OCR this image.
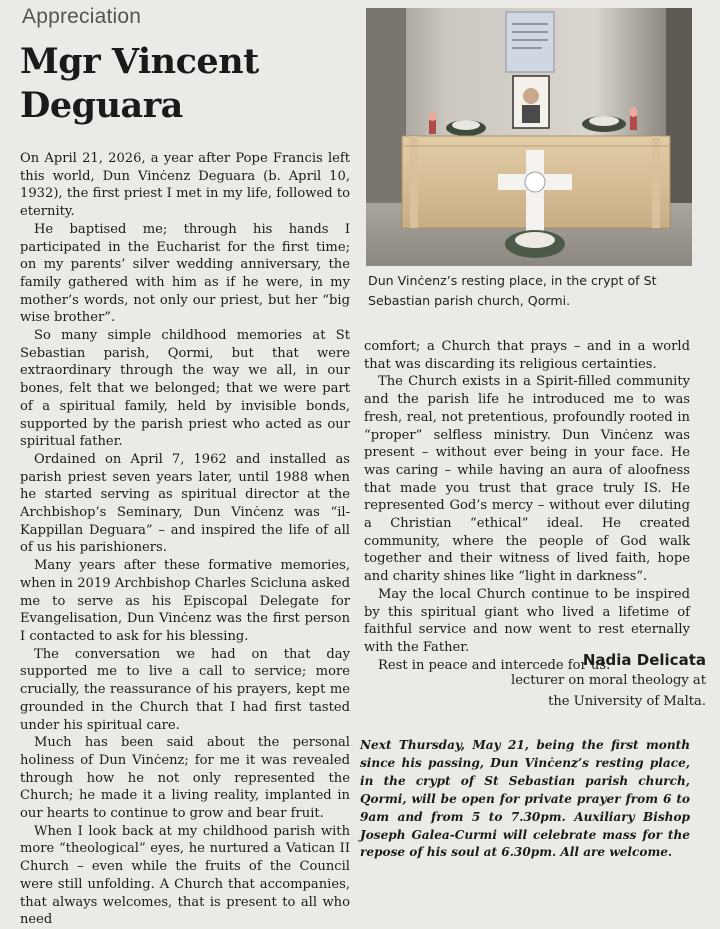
Appreciation
Mgr Vincent Deguara
Dun Vinċenz’s resting place, in the crypt of St Sebastian parish church, Qormi.

On April 21, 2026, a year after Pope Francis left this world, Dun Vinċenz Deguara (b. April 10, 1932), the first priest I met in my life, followed to eternity.

He baptised me; through his hands I participated in the Eucharist for the first time; on my parents’ silver wedding anniversary, the family gathered with him as if he were, in my mother’s words, not only our priest, but her “big wise brother”.

So many simple childhood memories at St Sebastian parish, Qormi, but that were extraordinary through the way we all, in our bones, felt that we belonged; that we were part of a spiritual family, held by invisible bonds, supported by the parish priest who acted as our spiritual father.

Ordained on April 7, 1962 and installed as parish priest seven years later, until 1988 when he started serving as spiritual director at the Archbishop’s Seminary, Dun Vinċenz was “il-Kappillan Deguara” – and inspired the life of all of us his parishioners.

Many years after these formative memories, when in 2019 Archbishop Charles Scicluna asked me to serve as his Episcopal Delegate for Evangelisation, Dun Vinċenz was the first person I contacted to ask for his blessing.

The conversation we had on that day supported me to live a call to service; more crucially, the reassurance of his prayers, kept me grounded in the Church that I had first tasted under his spiritual care.

Much has been said about the personal holiness of Dun Vinċenz; for me it was revealed through how he not only represented the Church; he made it a living reality, implanted in our hearts to continue to grow and bear fruit.

When I look back at my childhood parish with more “theological” eyes, he nurtured a Vatican II Church – even while the fruits of the Council were still unfolding. A Church that accompanies, that always welcomes, that is present to all who need

comfort; a Church that prays – and in a world that was discarding its religious certainties.

The Church exists in a Spirit-filled community and the parish life he introduced me to was fresh, real, not pretentious, profoundly rooted in “proper” selfless ministry. Dun Vinċenz was present – without ever being in your face. He was caring – while having an aura of aloofness that made you trust that grace truly IS. He represented God’s mercy – without ever diluting a Christian “ethical” ideal. He created community, where the people of God walk together and their witness of lived faith, hope and charity shines like “light in darkness”.

May the local Church continue to be inspired by this spiritual giant who lived a lifetime of faithful service and now went to rest eternally with the Father.

Rest in peace and intercede for us.

Nadia Delicata
lecturer on moral theology at
the University of Malta.
Next Thursday, May 21, being the first month since his passing, Dun Vinċenz’s resting place, in the crypt of St Sebastian parish church, Qormi, will be open for private prayer from 6 to 9am and from 5 to 7.30pm. Auxiliary Bishop Joseph Galea-Curmi will celebrate mass for the repose of his soul at 6.30pm. All are welcome.
